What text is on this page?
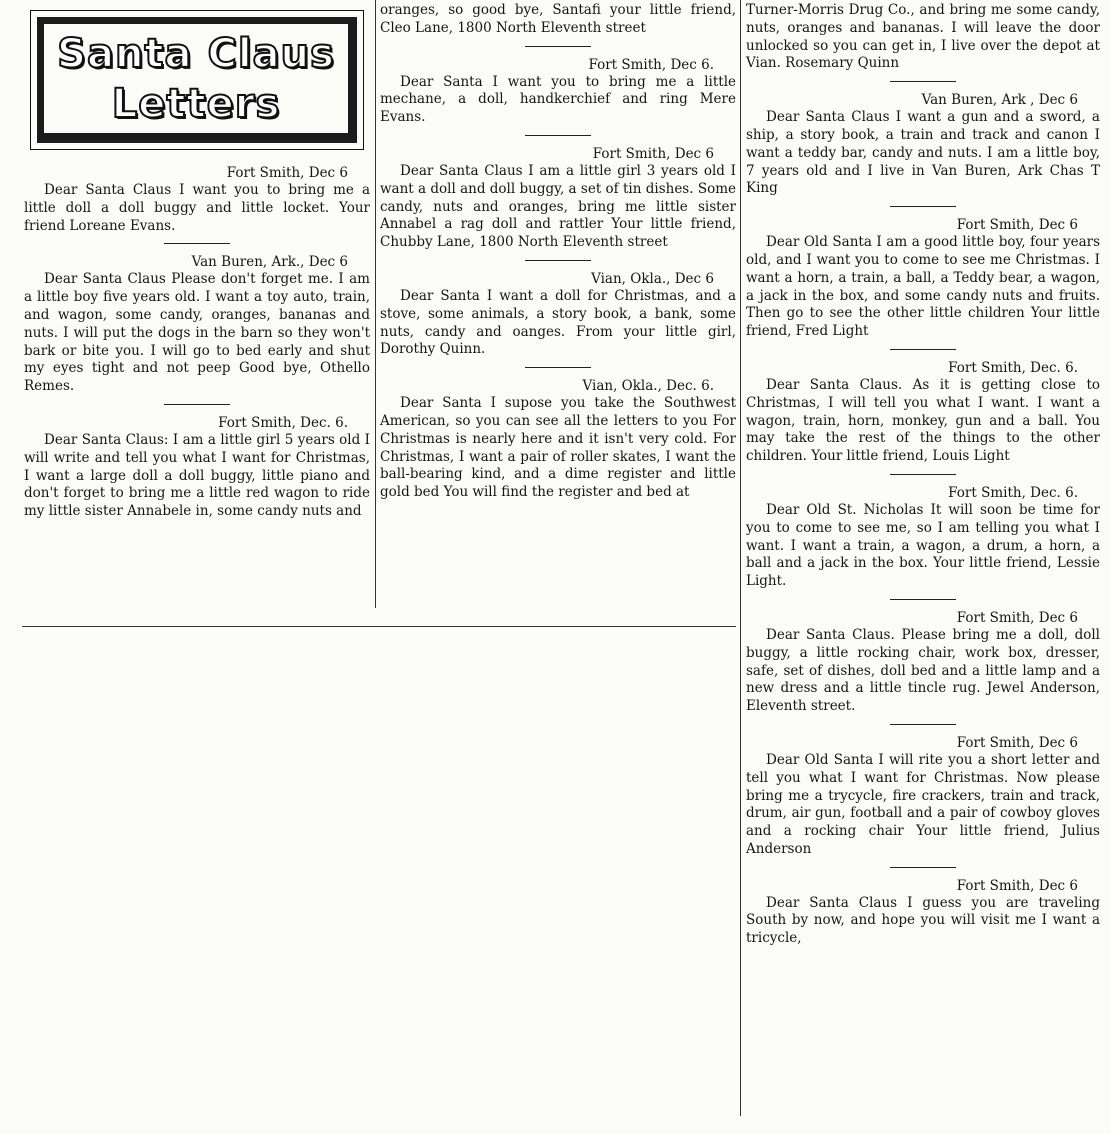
Santa Claus
Letters

Fort Smith, Dec 6

Dear Santa Claus I want you to bring me a little doll a doll buggy and little locket. Your friend Loreane Evans.

Van Buren, Ark., Dec 6

Dear Santa Claus Please don't forget me. I am a little boy five years old. I want a toy auto, train, and wagon, some candy, oranges, bananas and nuts. I will put the dogs in the barn so they won't bark or bite you. I will go to bed early and shut my eyes tight and not peep Good bye, Othello Remes.

Fort Smith, Dec. 6.

Dear Santa Claus: I am a little girl 5 years old I will write and tell you what I want for Christmas, I want a large doll a doll buggy, little piano and don't forget to bring me a little red wagon to ride my little sister Annabele in, some candy nuts and

oranges, so good bye, Santafi your little friend, Cleo Lane, 1800 North Eleventh street

Fort Smith, Dec 6.

Dear Santa I want you to bring me a little mechane, a doll, handkerchief and ring Mere Evans.

Fort Smith, Dec 6

Dear Santa Claus I am a little girl 3 years old I want a doll and doll buggy, a set of tin dishes. Some candy, nuts and oranges, bring me little sister Annabel a rag doll and rattler Your little friend, Chubby Lane, 1800 North Eleventh street

Vian, Okla., Dec 6

Dear Santa I want a doll for Christmas, and a stove, some animals, a story book, a bank, some nuts, candy and oanges. From your little girl, Dorothy Quinn.

Vian, Okla., Dec. 6.

Dear Santa I supose you take the Southwest American, so you can see all the letters to you For Christmas is nearly here and it isn't very cold. For Christmas, I want a pair of roller skates, I want the ball-bearing kind, and a dime register and little gold bed You will find the register and bed at

Turner-Morris Drug Co., and bring me some candy, nuts, oranges and bananas. I will leave the door unlocked so you can get in, I live over the depot at Vian. Rosemary Quinn

Van Buren, Ark , Dec 6

Dear Santa Claus I want a gun and a sword, a ship, a story book, a train and track and canon I want a teddy bar, candy and nuts. I am a little boy, 7 years old and I live in Van Buren, Ark Chas T King

Fort Smith, Dec 6

Dear Old Santa I am a good little boy, four years old, and I want you to come to see me Christmas. I want a horn, a train, a ball, a Teddy bear, a wagon, a jack in the box, and some candy nuts and fruits. Then go to see the other little children Your little friend, Fred Light

Fort Smith, Dec. 6.

Dear Santa Claus. As it is getting close to Christmas, I will tell you what I want. I want a wagon, train, horn, monkey, gun and a ball. You may take the rest of the things to the other children. Your little friend, Louis Light

Fort Smith, Dec. 6.

Dear Old St. Nicholas It will soon be time for you to come to see me, so I am telling you what I want. I want a train, a wagon, a drum, a horn, a ball and a jack in the box. Your little friend, Lessie Light.

Fort Smith, Dec 6

Dear Santa Claus. Please bring me a doll, doll buggy, a little rocking chair, work box, dresser, safe, set of dishes, doll bed and a little lamp and a new dress and a little tincle rug. Jewel Anderson, Eleventh street.

Fort Smith, Dec 6

Dear Old Santa I will rite you a short letter and tell you what I want for Christmas. Now please bring me a trycycle, fire crackers, train and track, drum, air gun, football and a pair of cowboy gloves and a rocking chair Your little friend, Julius Anderson

Fort Smith, Dec 6

Dear Santa Claus I guess you are traveling South by now, and hope you will visit me I want a tricycle,
